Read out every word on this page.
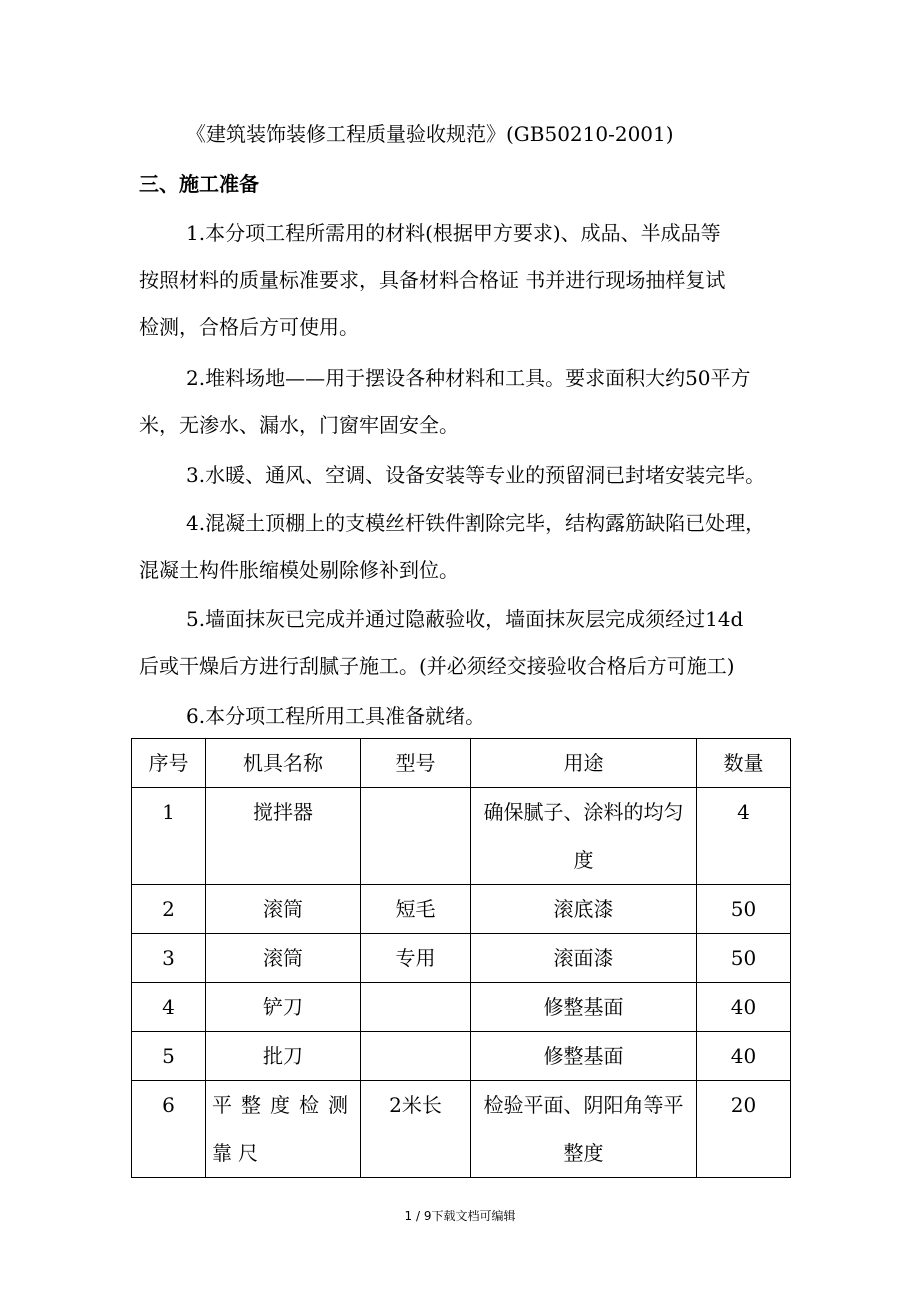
《建筑装饰装修工程质量验收规范》(GB50210-2001)
三、施工准备
1.本分项工程所需用的材料(根据甲方要求)、成品、半成品等
按照材料的质量标准要求，具备材料合格证 书并进行现场抽样复试
检测，合格后方可使用。
2.堆料场地——用于摆设各种材料和工具。要求面积大约50平方
米，无渗水、漏水，门窗牢固安全。
3.水暖、通风、空调、设备安装等专业的预留洞已封堵安装完毕。
4.混凝土顶棚上的支模丝杆铁件割除完毕，结构露筋缺陷已处理，
混凝土构件胀缩模处剔除修补到位。
5.墙面抹灰已完成并通过隐蔽验收，墙面抹灰层完成须经过14d
后或干燥后方进行刮腻子施工。(并必须经交接验收合格后方可施工)
6.本分项工程所用工具准备就绪。
序号	机具名称	型号	用途	数量
1	搅拌器		确保腻子、涂料的均匀度	4
2	滚筒	短毛	滚底漆	50
3	滚筒	专用	滚面漆	50
4	铲刀		修整基面	40
5	批刀		修整基面	40
6	平整度检测靠尺	2米长	检验平面、阴阳角等平整度	20
1 / 9下载文档可编辑
